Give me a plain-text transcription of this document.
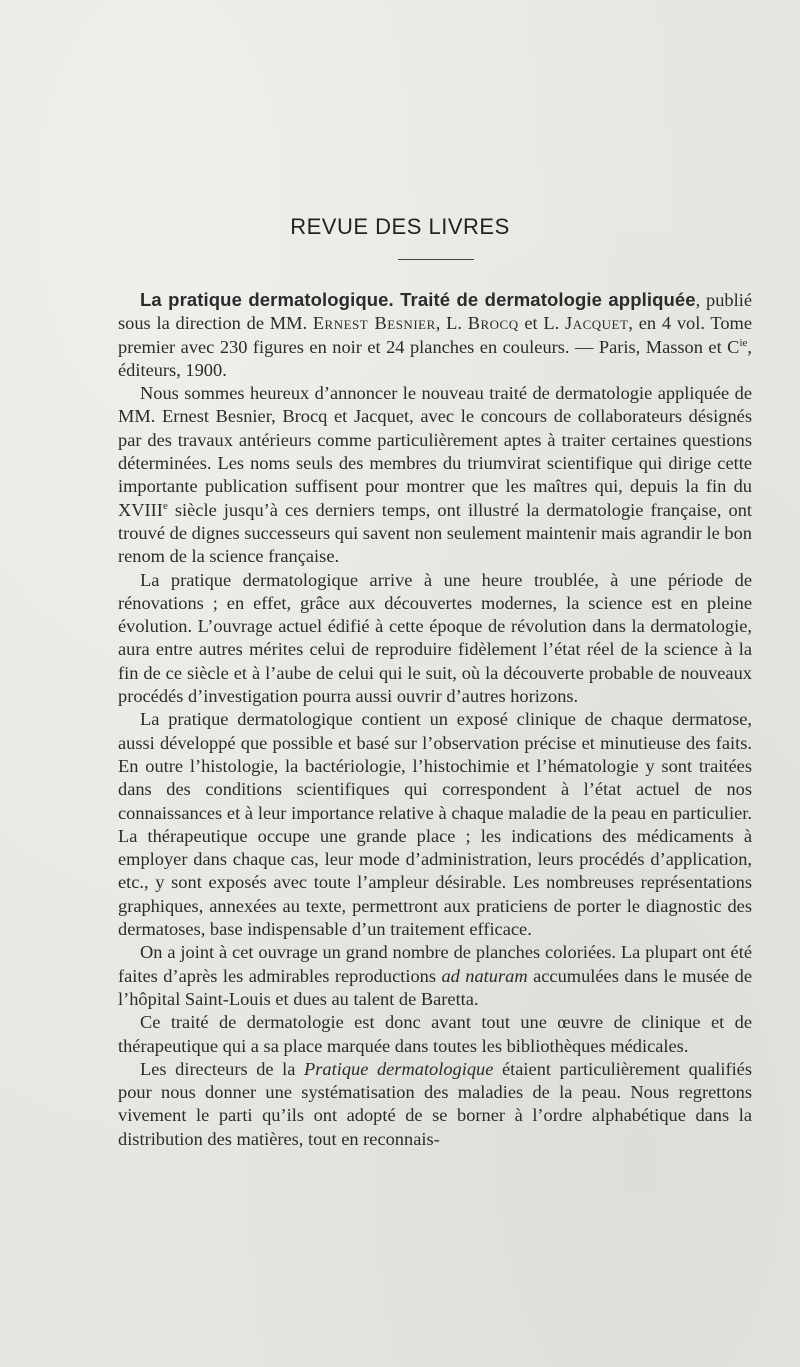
REVUE DES LIVRES

La pratique dermatologique. Traité de dermatologie appliquée, publié sous la direction de MM. Ernest Besnier, L. Brocq et L. Jacquet, en 4 vol. Tome premier avec 230 figures en noir et 24 planches en couleurs. — Paris, Masson et $C^{ie}$, éditeurs, 1900.

Nous sommes heureux d’annoncer le nouveau traité de dermatologie appliquée de MM. Ernest Besnier, Brocq et Jacquet, avec le concours de collaborateurs désignés par des travaux antérieurs comme particulièrement aptes à traiter certaines questions déterminées. Les noms seuls des membres du triumvirat scientifique qui dirige cette importante publication suffisent pour montrer que les maîtres qui, depuis la fin du XVIIIe siècle jusqu’à ces derniers temps, ont illustré la dermatologie française, ont trouvé de dignes successeurs qui savent non seulement maintenir mais agrandir le bon renom de la science française.

La pratique dermatologique arrive à une heure troublée, à une période de rénovations ; en effet, grâce aux découvertes modernes, la science est en pleine évolution. L’ouvrage actuel édifié à cette époque de révolution dans la dermatologie, aura entre autres mérites celui de reproduire fidèlement l’état réel de la science à la fin de ce siècle et à l’aube de celui qui le suit, où la découverte probable de nouveaux procédés d’investigation pourra aussi ouvrir d’autres horizons.

La pratique dermatologique contient un exposé clinique de chaque dermatose, aussi développé que possible et basé sur l’observation précise et minutieuse des faits. En outre l’histologie, la bactériologie, l’histochimie et l’hématologie y sont traitées dans des conditions scientifiques qui correspondent à l’état actuel de nos connaissances et à leur importance relative à chaque maladie de la peau en particulier. La thérapeutique occupe une grande place ; les indications des médicaments à employer dans chaque cas, leur mode d’administration, leurs procédés d’application, etc., y sont exposés avec toute l’ampleur désirable. Les nombreuses représentations graphiques, annexées au texte, permettront aux praticiens de porter le diagnostic des dermatoses, base indispensable d’un traitement efficace.

On a joint à cet ouvrage un grand nombre de planches coloriées. La plupart ont été faites d’après les admirables reproductions ad naturam accumulées dans le musée de l’hôpital Saint-Louis et dues au talent de Baretta.

Ce traité de dermatologie est donc avant tout une œuvre de clinique et de thérapeutique qui a sa place marquée dans toutes les bibliothèques médicales.

Les directeurs de la Pratique dermatologique étaient particulièrement qualifiés pour nous donner une systématisation des maladies de la peau. Nous regrettons vivement le parti qu’ils ont adopté de se borner à l’ordre alphabétique dans la distribution des matières, tout en reconnais-
